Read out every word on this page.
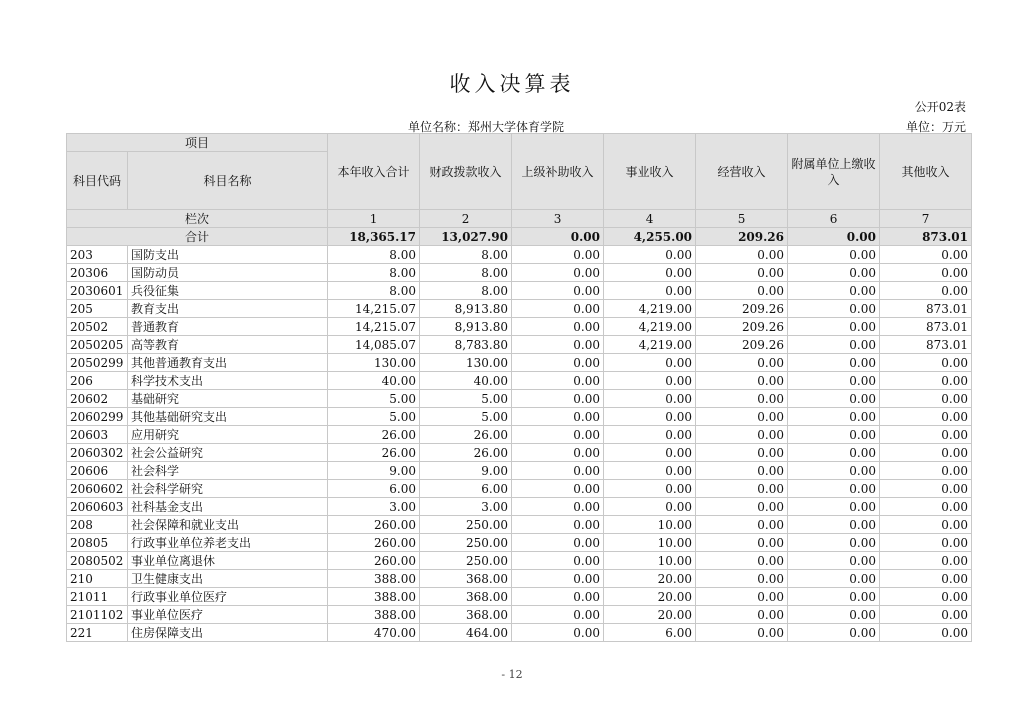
收入决算表
公开02表
单位名称：郑州大学体育学院	单位：万元
项目		本年收入合计	财政拨款收入	上级补助收入	事业收入	经营收入	附属单位上缴收入	其他收入
科目代码	科目名称							
栏次		1	2	3	4	5	6	7
合计		18,365.17	13,027.90	0.00	4,255.00	209.26	0.00	873.01
203	国防支出	8.00	8.00	0.00	0.00	0.00	0.00	0.00
20306	国防动员	8.00	8.00	0.00	0.00	0.00	0.00	0.00
2030601	兵役征集	8.00	8.00	0.00	0.00	0.00	0.00	0.00
205	教育支出	14,215.07	8,913.80	0.00	4,219.00	209.26	0.00	873.01
20502	普通教育	14,215.07	8,913.80	0.00	4,219.00	209.26	0.00	873.01
2050205	高等教育	14,085.07	8,783.80	0.00	4,219.00	209.26	0.00	873.01
2050299	其他普通教育支出	130.00	130.00	0.00	0.00	0.00	0.00	0.00
206	科学技术支出	40.00	40.00	0.00	0.00	0.00	0.00	0.00
20602	基础研究	5.00	5.00	0.00	0.00	0.00	0.00	0.00
2060299	其他基础研究支出	5.00	5.00	0.00	0.00	0.00	0.00	0.00
20603	应用研究	26.00	26.00	0.00	0.00	0.00	0.00	0.00
2060302	社会公益研究	26.00	26.00	0.00	0.00	0.00	0.00	0.00
20606	社会科学	9.00	9.00	0.00	0.00	0.00	0.00	0.00
2060602	社会科学研究	6.00	6.00	0.00	0.00	0.00	0.00	0.00
2060603	社科基金支出	3.00	3.00	0.00	0.00	0.00	0.00	0.00
208	社会保障和就业支出	260.00	250.00	0.00	10.00	0.00	0.00	0.00
20805	行政事业单位养老支出	260.00	250.00	0.00	10.00	0.00	0.00	0.00
2080502	事业单位离退休	260.00	250.00	0.00	10.00	0.00	0.00	0.00
210	卫生健康支出	388.00	368.00	0.00	20.00	0.00	0.00	0.00
21011	行政事业单位医疗	388.00	368.00	0.00	20.00	0.00	0.00	0.00
2101102	事业单位医疗	388.00	368.00	0.00	20.00	0.00	0.00	0.00
221	住房保障支出	470.00	464.00	0.00	6.00	0.00	0.00	0.00
- 12
